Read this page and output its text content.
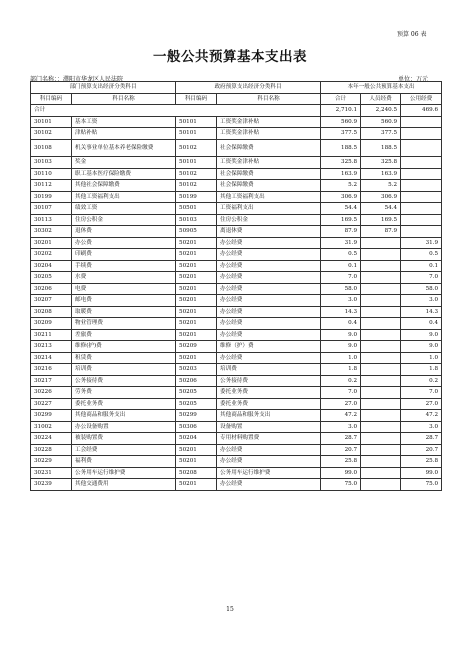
预算 06 表
一般公共预算基本支出表
部门名称：：濮阳市华龙区人民法院	单位：万元
部门预算支出经济分类科目		政府预算支出经济分类科目		本年一般公共预算基本支出		
科目编码	科目名称	科目编码	科目名称	合计	人员经费	公用经费
合计				2,710.1	2,240.5	469.6
30101	基本工资	50101	工资奖金津补贴	560.9	560.9	
30102	津贴补贴	50101	工资奖金津补贴	377.5	377.5	
30108	机关事业单位基本养老保险缴费	50102	社会保障缴费	188.5	188.5	
30103	奖金	50101	工资奖金津补贴	325.8	325.8	
30110	职工基本医疗保险缴费	50102	社会保障缴费	163.9	163.9	
30112	其他社会保障缴费	50102	社会保障缴费	5.2	5.2	
30199	其他工资福利支出	50199	其他工资福利支出	306.9	306.9	
30107	绩效工资	50501	工资福利支出	54.4	54.4	
30113	住房公积金	50103	住房公积金	169.5	169.5	
30302	退休费	50905	离退休费	87.9	87.9	
30201	办公费	50201	办公经费	31.9		31.9
30202	印刷费	50201	办公经费	0.5		0.5
30204	手续费	50201	办公经费	0.1		0.1
30205	水费	50201	办公经费	7.0		7.0
30206	电费	50201	办公经费	58.0		58.0
30207	邮电费	50201	办公经费	3.0		3.0
30208	取暖费	50201	办公经费	14.3		14.3
30209	物业管理费	50201	办公经费	0.4		0.4
30211	差旅费	50201	办公经费	9.0		9.0
30213	维修(护)费	50209	维修（护）费	9.0		9.0
30214	租赁费	50201	办公经费	1.0		1.0
30216	培训费	50203	培训费	1.8		1.8
30217	公务接待费	50206	公务接待费	0.2		0.2
30226	劳务费	50205	委托业务费	7.0		7.0
30227	委托业务费	50205	委托业务费	27.0		27.0
30299	其他商品和服务支出	50299	其他商品和服务支出	47.2		47.2
31002	办公设备购置	50306	设备购置	3.0		3.0
30224	被装购置费	50204	专用材料购置费	28.7		28.7
30228	工会经费	50201	办公经费	20.7		20.7
30229	福利费	50201	办公经费	25.8		25.8
30231	公务用车运行维护费	50208	公务用车运行维护费	99.0		99.0
30239	其他交通费用	50201	办公经费	75.0		75.0
15
